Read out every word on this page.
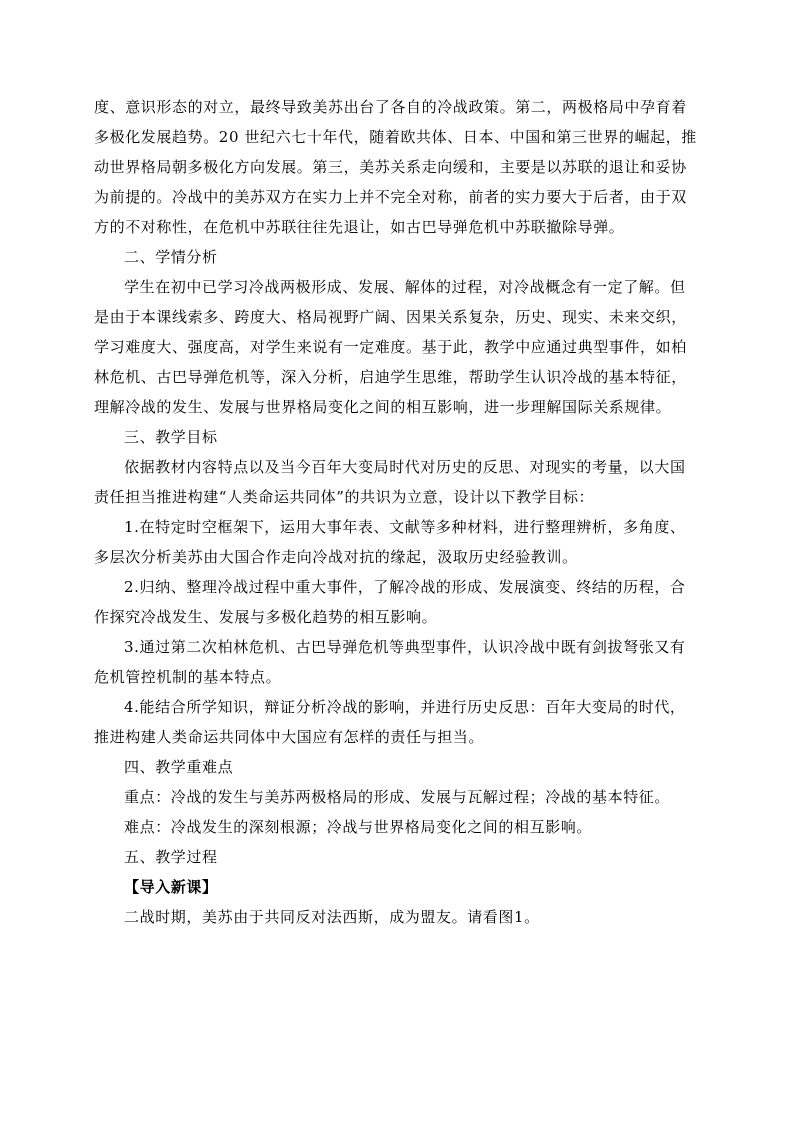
度、意识形态的对立，最终导致美苏出台了各自的冷战政策。第二，两极格局中孕育着
多极化发展趋势。20 世纪六七十年代，随着欧共体、日本、中国和第三世界的崛起，推
动世界格局朝多极化方向发展。第三，美苏关系走向缓和，主要是以苏联的退让和妥协
为前提的。冷战中的美苏双方在实力上并不完全对称，前者的实力要大于后者，由于双
方的不对称性，在危机中苏联往往先退让，如古巴导弹危机中苏联撤除导弹。
二、学情分析
学生在初中已学习冷战两极形成、发展、解体的过程，对冷战概念有一定了解。但
是由于本课线索多、跨度大、格局视野广阔、因果关系复杂，历史、现实、未来交织，
学习难度大、强度高，对学生来说有一定难度。基于此，教学中应通过典型事件，如柏
林危机、古巴导弹危机等，深入分析，启迪学生思维，帮助学生认识冷战的基本特征，
理解冷战的发生、发展与世界格局变化之间的相互影响，进一步理解国际关系规律。
三、教学目标
依据教材内容特点以及当今百年大变局时代对历史的反思、对现实的考量，以大国
责任担当推进构建“人类命运共同体”的共识为立意，设计以下教学目标：
1.在特定时空框架下，运用大事年表、文献等多种材料，进行整理辨析，多角度、
多层次分析美苏由大国合作走向冷战对抗的缘起，汲取历史经验教训。
2.归纳、整理冷战过程中重大事件，了解冷战的形成、发展演变、终结的历程，合
作探究冷战发生、发展与多极化趋势的相互影响。
3.通过第二次柏林危机、古巴导弹危机等典型事件，认识冷战中既有剑拔弩张又有
危机管控机制的基本特点。
4.能结合所学知识，辩证分析冷战的影响，并进行历史反思：百年大变局的时代，
推进构建人类命运共同体中大国应有怎样的责任与担当。
四、教学重难点
重点：冷战的发生与美苏两极格局的形成、发展与瓦解过程；冷战的基本特征。
难点：冷战发生的深刻根源；冷战与世界格局变化之间的相互影响。
五、教学过程
【导入新课】
二战时期，美苏由于共同反对法西斯，成为盟友。请看图1。
